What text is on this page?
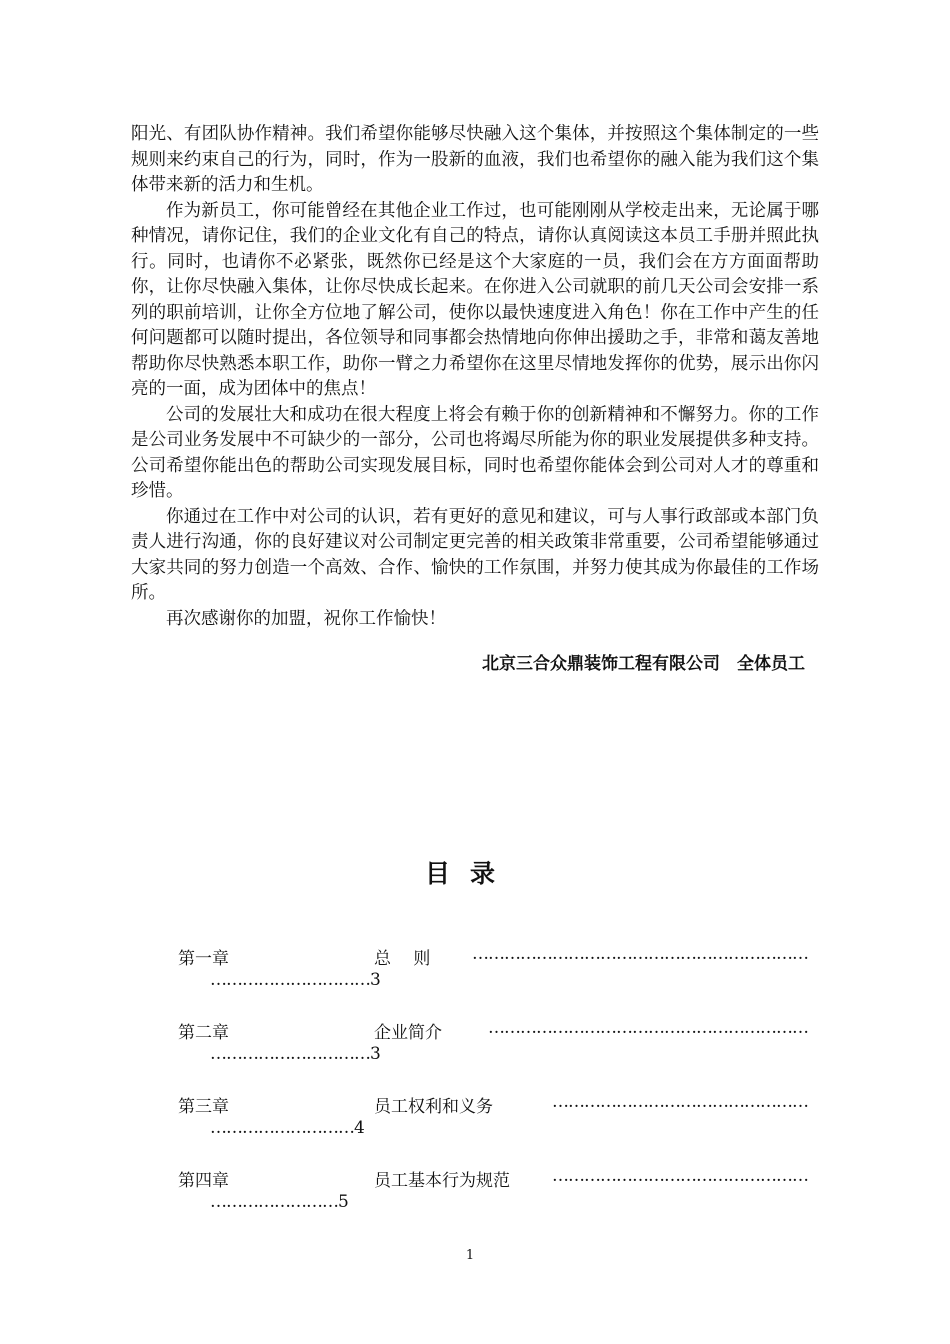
阳光、有团队协作精神。我们希望你能够尽快融入这个集体，并按照这个集体制定的一些规则来约束自己的行为，同时，作为一股新的血液，我们也希望你的融入能为我们这个集体带来新的活力和生机。

作为新员工，你可能曾经在其他企业工作过，也可能刚刚从学校走出来，无论属于哪种情况，请你记住，我们的企业文化有自己的特点，请你认真阅读这本员工手册并照此执行。同时，也请你不必紧张，既然你已经是这个大家庭的一员，我们会在方方面面帮助你，让你尽快融入集体，让你尽快成长起来。在你进入公司就职的前几天公司会安排一系列的职前培训，让你全方位地了解公司，使你以最快速度进入角色！你在工作中产生的任何问题都可以随时提出，各位领导和同事都会热情地向你伸出援助之手，非常和蔼友善地帮助你尽快熟悉本职工作，助你一臂之力希望你在这里尽情地发挥你的优势，展示出你闪亮的一面，成为团体中的焦点！

公司的发展壮大和成功在很大程度上将会有赖于你的创新精神和不懈努力。你的工作是公司业务发展中不可缺少的一部分，公司也将竭尽所能为你的职业发展提供多种支持。公司希望你能出色的帮助公司实现发展目标，同时也希望你能体会到公司对人才的尊重和珍惜。

你通过在工作中对公司的认识，若有更好的意见和建议，可与人事行政部或本部门负责人进行沟通，你的良好建议对公司制定更完善的相关政策非常重要，公司希望能够通过大家共同的努力创造一个高效、合作、愉快的工作氛围，并努力使其成为你最佳的工作场所。

再次感谢你的加盟，祝你工作愉快！

北京三合众鼎装饰工程有限公司　全体员工
目录
第一章	总　 则 ………………………………………………………
…………………………3
第二章	企业简介	……………………………………………………
…………………………3
第三章	员工权利和义务	…………………………………………
………………………4
第四章	员工基本行为规范 …………………………………………
……………………5
1
